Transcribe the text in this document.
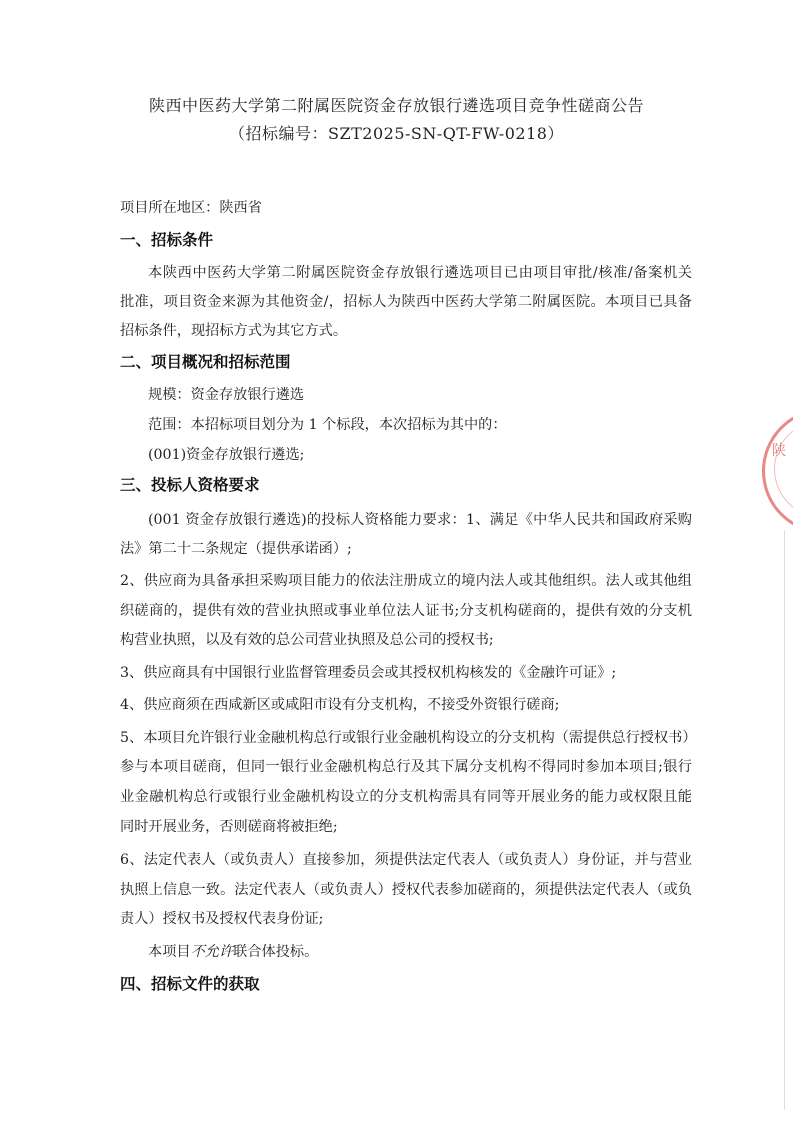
陕西中医药大学第二附属医院资金存放银行遴选项目竞争性磋商公告
（招标编号：SZT2025-SN-QT-FW-0218）
项目所在地区：陕西省
一、招标条件
本陕西中医药大学第二附属医院资金存放银行遴选项目已由项目审批/核准/备案机关
批准，项目资金来源为其他资金/，招标人为陕西中医药大学第二附属医院。本项目已具备
招标条件，现招标方式为其它方式。
二、项目概况和招标范围
规模：资金存放银行遴选
范围：本招标项目划分为 1 个标段，本次招标为其中的：
(001)资金存放银行遴选;
三、投标人资格要求
(001 资金存放银行遴选)的投标人资格能力要求：1、满足《中华人民共和国政府采购
法》第二十二条规定（提供承诺函）;
2、供应商为具备承担采购项目能力的依法注册成立的境内法人或其他组织。法人或其他组
织磋商的，提供有效的营业执照或事业单位法人证书;分支机构磋商的，提供有效的分支机
构营业执照，以及有效的总公司营业执照及总公司的授权书;
3、供应商具有中国银行业监督管理委员会或其授权机构核发的《金融许可证》;
4、供应商须在西咸新区或咸阳市设有分支机构，不接受外资银行磋商;
5、本项目允许银行业金融机构总行或银行业金融机构设立的分支机构（需提供总行授权书）
参与本项目磋商，但同一银行业金融机构总行及其下属分支机构不得同时参加本项目;银行
业金融机构总行或银行业金融机构设立的分支机构需具有同等开展业务的能力或权限且能
同时开展业务，否则磋商将被拒绝;
6、法定代表人（或负责人）直接参加，须提供法定代表人（或负责人）身份证，并与营业
执照上信息一致。法定代表人（或负责人）授权代表参加磋商的，须提供法定代表人（或负
责人）授权书及授权代表身份证;
本项目不允许联合体投标。
四、招标文件的获取
陕
